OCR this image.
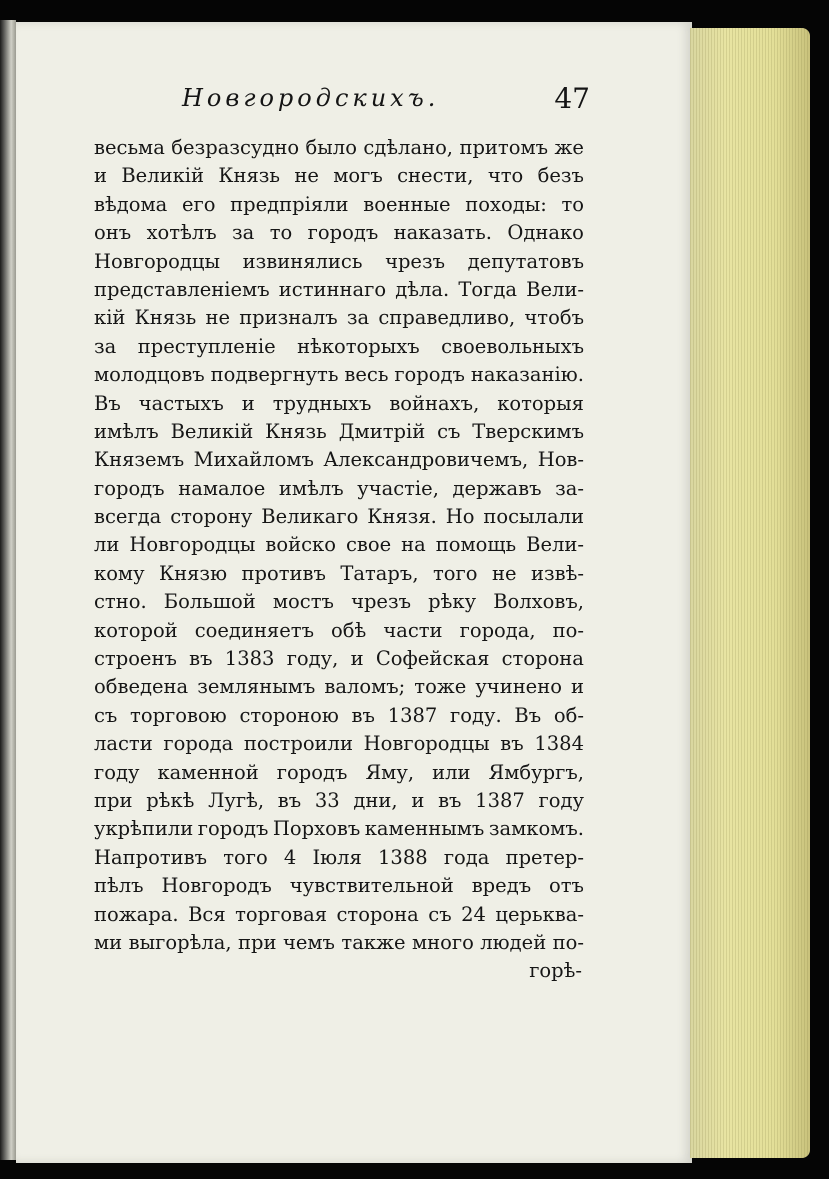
Новгородскихъ.	47
весьма безразсудно было сдѣлано, притомъ же
и Великій Князь не могъ снести, что безъ
вѣдома его предпріяли военные походы: то
онъ хотѣлъ за то городъ наказать. Однако
Новгородцы извинялись чрезъ депутатовъ
представленіемъ истиннаго дѣла. Тогда Вели-
кій Князь не призналъ за справедливо, чтобъ
за преступленіе нѣкоторыхъ своевольныхъ
молодцовъ подвергнуть весь городъ наказанію.
Въ частыхъ и трудныхъ войнахъ, которыя
имѣлъ Великій Князь Дмитрій съ Тверскимъ
Княземъ Михайломъ Александровичемъ, Нов-
городъ намалое имѣлъ участіе, державъ за-
всегда сторону Великаго Князя. Но посылали
ли Новгородцы войско свое на помощь Вели-
кому Князю противъ Татаръ, того не извѣ-
стно. Большой мостъ чрезъ рѣку Волховъ,
которой соединяетъ обѣ части города, по-
строенъ въ 1383 году, и Софейская сторона
обведена землянымъ валомъ; тоже учинено и
съ торговою стороною въ 1387 году. Въ об-
ласти города построили Новгородцы въ 1384
году каменной городъ Яму, или Ямбургъ,
при рѣкѣ Лугѣ, въ 33 дни, и въ 1387 году
укрѣпили городъ Порховъ каменнымъ замкомъ.
Напротивъ того 4 Іюля 1388 года претер-
пѣлъ Новгородъ чувствительной вредъ отъ
пожара. Вся торговая сторона съ 24 церьква-
ми выгорѣла, при чемъ также много людей по-
горѣ-
